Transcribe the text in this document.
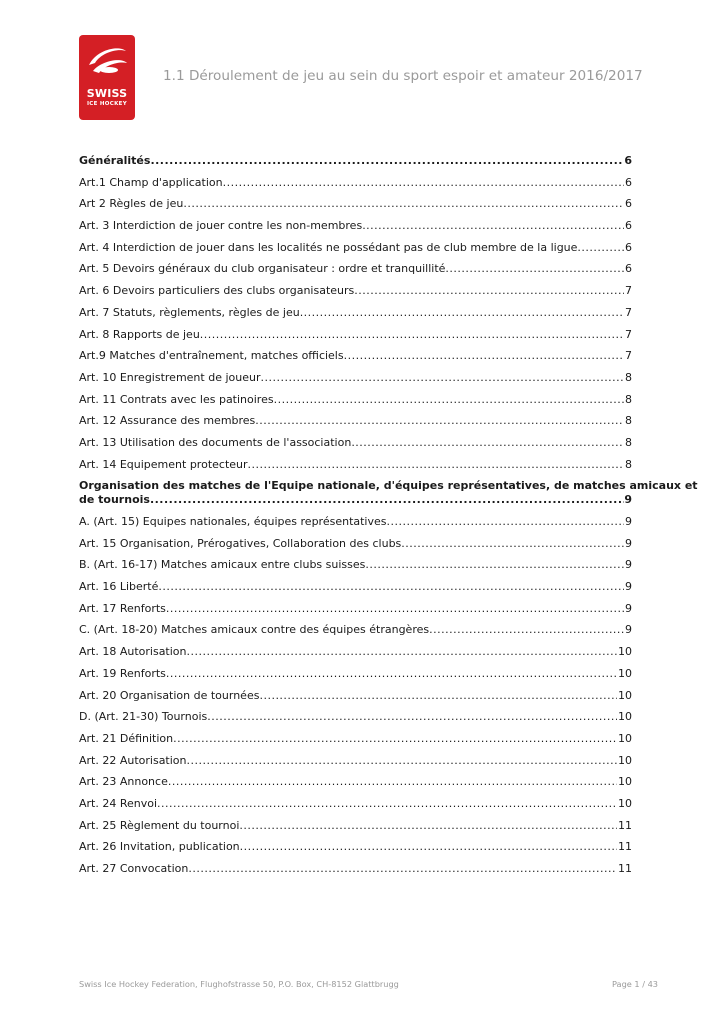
SWISS
ICE HOCKEY
1.1 Déroulement de jeu au sein du sport espoir et amateur 2016/2017
Généralités .....	6
Art.1 Champ d'application .....	6
Art 2 Règles de jeu .....	6
Art. 3 Interdiction de jouer contre les non-membres .....	6
Art. 4 Interdiction de jouer dans les localités ne possédant pas de club membre de la ligue .....	6
Art. 5 Devoirs généraux du club organisateur : ordre et tranquillité .....	6
Art. 6 Devoirs particuliers des clubs organisateurs .....	7
Art. 7 Statuts, règlements, règles de jeu .....	7
Art. 8 Rapports de jeu .....	7
Art.9 Matches d'entraînement, matches officiels .....	7
Art. 10 Enregistrement de joueur .....	8
Art. 11 Contrats avec les patinoires .....	8
Art. 12 Assurance des membres .....	8
Art. 13 Utilisation des documents de l'association .....	8
Art. 14 Equipement protecteur .....	8
Organisation des matches de l'Equipe nationale, d'équipes représentatives, de matches amicaux et
de tournois .....	9
A. (Art. 15) Equipes nationales, équipes représentatives .....	9
Art. 15 Organisation, Prérogatives, Collaboration des clubs .....	9
B. (Art. 16-17) Matches amicaux entre clubs suisses .....	9
Art. 16 Liberté .....	9
Art. 17 Renforts .....	9
C. (Art. 18-20) Matches amicaux contre des équipes étrangères .....	9
Art. 18 Autorisation .....	10
Art. 19 Renforts .....	10
Art. 20 Organisation de tournées .....	10
D. (Art. 21-30) Tournois .....	10
Art. 21 Définition .....	10
Art. 22 Autorisation .....	10
Art. 23 Annonce .....	10
Art. 24 Renvoi .....	10
Art. 25 Règlement du tournoi .....	11
Art. 26 Invitation, publication .....	11
Art. 27 Convocation .....	11
Swiss Ice Hockey Federation, Flughofstrasse 50, P.O. Box, CH-8152 Glattbrugg	Page 1 / 43
